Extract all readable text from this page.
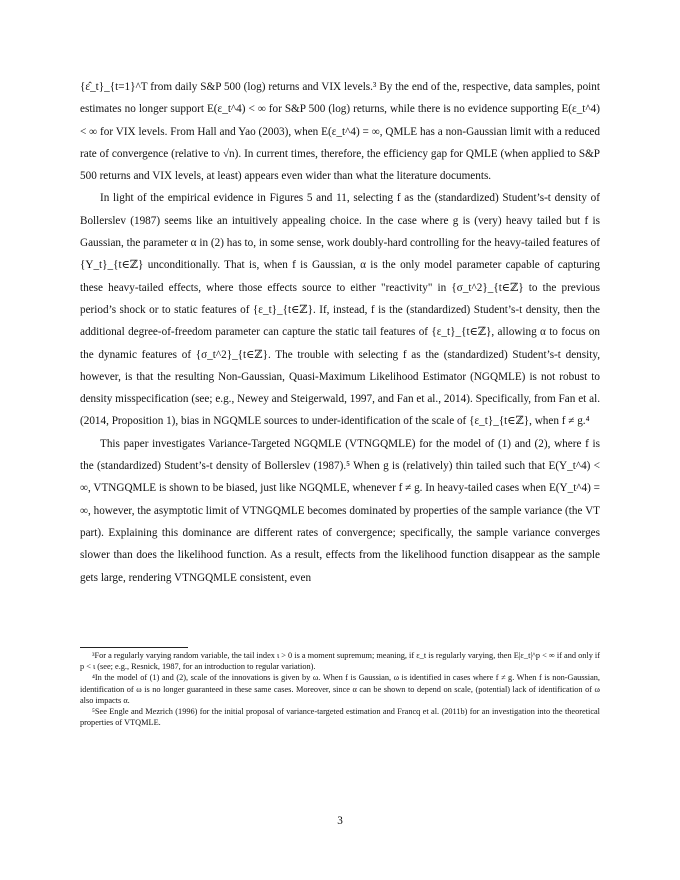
{ε̂_t}_{t=1}^T from daily S&P 500 (log) returns and VIX levels.³ By the end of the, respective, data samples, point estimates no longer support E(ε_t^4) < ∞ for S&P 500 (log) returns, while there is no evidence supporting E(ε_t^4) < ∞ for VIX levels. From Hall and Yao (2003), when E(ε_t^4) = ∞, QMLE has a non-Gaussian limit with a reduced rate of convergence (relative to √n). In current times, therefore, the efficiency gap for QMLE (when applied to S&P 500 returns and VIX levels, at least) appears even wider than what the literature documents.

In light of the empirical evidence in Figures 5 and 11, selecting f as the (standardized) Student’s-t density of Bollerslev (1987) seems like an intuitively appealing choice. In the case where g is (very) heavy tailed but f is Gaussian, the parameter α in (2) has to, in some sense, work doubly-hard controlling for the heavy-tailed features of {Y_t}_{t∈ℤ} unconditionally. That is, when f is Gaussian, α is the only model parameter capable of capturing these heavy-tailed effects, where those effects source to either "reactivity" in {σ_t^2}_{t∈ℤ} to the previous period’s shock or to static features of {ε_t}_{t∈ℤ}. If, instead, f is the (standardized) Student’s-t density, then the additional degree-of-freedom parameter can capture the static tail features of {ε_t}_{t∈ℤ}, allowing α to focus on the dynamic features of {σ_t^2}_{t∈ℤ}. The trouble with selecting f as the (standardized) Student’s-t density, however, is that the resulting Non-Gaussian, Quasi-Maximum Likelihood Estimator (NGQMLE) is not robust to density misspecification (see; e.g., Newey and Steigerwald, 1997, and Fan et al., 2014). Specifically, from Fan et al. (2014, Proposition 1), bias in NGQMLE sources to under-identification of the scale of {ε_t}_{t∈ℤ}, when f ≠ g.⁴

This paper investigates Variance-Targeted NGQMLE (VTNGQMLE) for the model of (1) and (2), where f is the (standardized) Student’s-t density of Bollerslev (1987).⁵ When g is (relatively) thin tailed such that E(Y_t^4) < ∞, VTNGQMLE is shown to be biased, just like NGQMLE, whenever f ≠ g. In heavy-tailed cases when E(Y_t^4) = ∞, however, the asymptotic limit of VTNGQMLE becomes dominated by properties of the sample variance (the VT part). Explaining this dominance are different rates of convergence; specifically, the sample variance converges slower than does the likelihood function. As a result, effects from the likelihood function disappear as the sample gets large, rendering VTNGQMLE consistent, even

³For a regularly varying random variable, the tail index ι > 0 is a moment supremum; meaning, if ε_t is regularly varying, then E|ε_t|^p < ∞ if and only if p < ι (see; e.g., Resnick, 1987, for an introduction to regular variation).

⁴In the model of (1) and (2), scale of the innovations is given by ω. When f is Gaussian, ω is identified in cases where f ≠ g. When f is non-Gaussian, identification of ω is no longer guaranteed in these same cases. Moreover, since α can be shown to depend on scale, (potential) lack of identification of ω also impacts α.

⁵See Engle and Mezrich (1996) for the initial proposal of variance-targeted estimation and Francq et al. (2011b) for an investigation into the theoretical properties of VTQMLE.

3
